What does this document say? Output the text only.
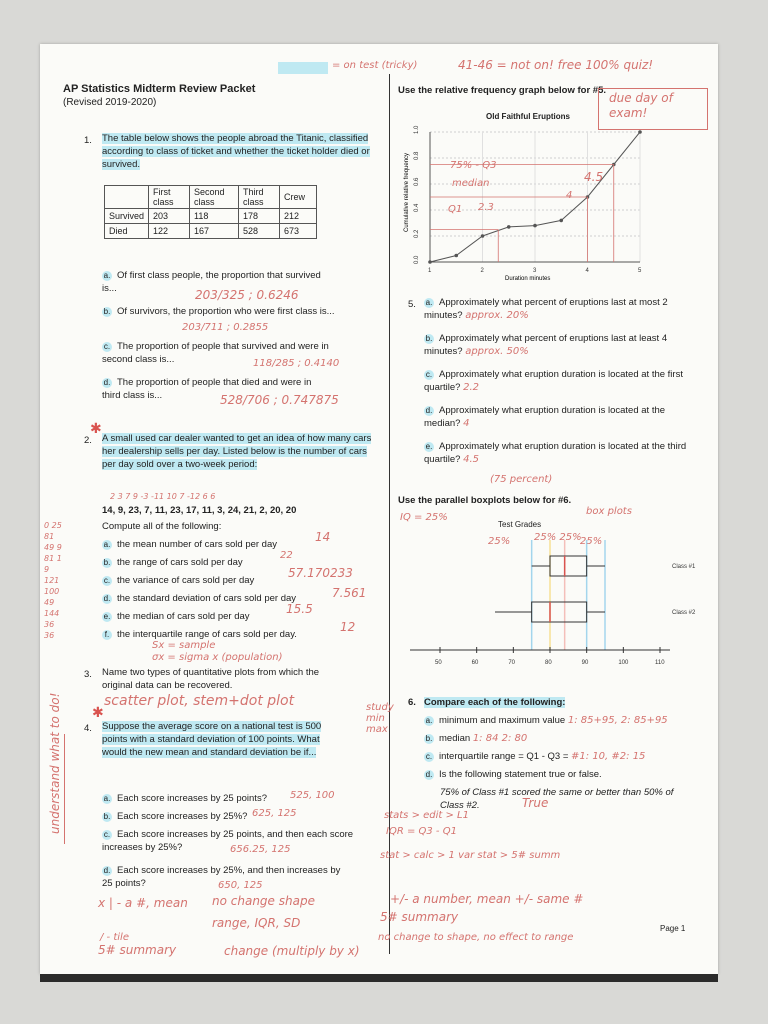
= on test (tricky)	41-46 = not on! free 100% quiz!
AP Statistics Midterm Review Packet
(Revised 2019-2020)
1. The table below shows the people abroad the Titanic, classified according to class of ticket and whether the ticket holder died or survived.
	First class	Second class	Third class	Crew
Survived	203	118	178	212
Died	122	167	528	673
a. Of first class people, the proportion that survived is...	203/325 ; 0.6246
b. Of survivors, the proportion who were first class is...
203/711 ; 0.2855
c. The proportion of people that survived and were in second class is...	118/285 ; 0.4140
d. The proportion of people that died and were in third class is...	528/706 ; 0.747875
✱
2. A small used car dealer wanted to get an idea of how many cars her dealership sells per day. Listed below is the number of cars per day sold over a two-week period:
2 3 7 9 -3 -11 10 7 -12 6 6
14, 9, 23, 7, 11, 23, 17, 11, 3, 24, 21, 2, 20, 20
Compute all of the following:
a. the mean number of cars sold per day
14
b. the range of cars sold per day
22
c. the variance of cars sold per day
57.170233
d. the standard deviation of cars sold per day	7.561
e. the median of cars sold per day
15.5
f. the interquartile range of cars sold per day.
12
Sx = sample
σx = sigma x (population)
0 25 81 49 9 81 1 9 121 100 49 144 36 36
3. Name two types of quantitative plots from which the original data can be recovered.
scatter plot, stem+dot plot
✱
4. Suppose the average score on a national test is 500 points with a standard deviation of 100 points. What would the new mean and standard deviation be if...
a. Each score increases by 25 points? 525, 100
b. Each score increases by 25%? 625, 125
c. Each score increases by 25 points, and then each score increases by 25%?	656.25, 125
d. Each score increases by 25%, and then increases by 25 points?	650, 125
understand what to do!
x | - a #, mean
/ - tile
5# summary
no change shape
range, IQR, SD
change (multiply by x)
Use the relative frequency graph below for #5.
due day of exam!
Old Faithful Eruptions
Cumulative relative frequency
Duration minutes
0.0
0.2
0.4
0.6
0.8
1.0
1	2	3	4	5
75% - Q3
median
Q1 2.3
4.5
4
5. a. Approximately what percent of eruptions last at most 2 minutes? approx. 20%
b. Approximately what percent of eruptions last at least 4 minutes? approx. 50%
c. Approximately what eruption duration is located at the first quartile? 2.2
d. Approximately what eruption duration is located at the median? 4
e. Approximately what eruption duration is located at the third quartile? 4.5
(75 percent)
Use the parallel boxplots below for #6.
IQ = 25%
box plots
Test Grades
25% 25% 25%
25%
50	60	70	80	90	100	110
Class #1
Class #2
6. Compare each of the following:
study min max
a. minimum and maximum value 1: 85+95, 2: 85+95
b. median 1: 84 2: 80
c. interquartile range = Q1 - Q3 = #1: 10, #2: 15
d. Is the following statement true or false.
75% of Class #1 scored the same or better than 50% of Class #2.	True
stats > edit > L1
IQR = Q3 - Q1
stat > calc > 1 var stat > 5# summ
+/- a number, mean +/- same #
5# summary
no change to shape, no effect to range
Page 1
